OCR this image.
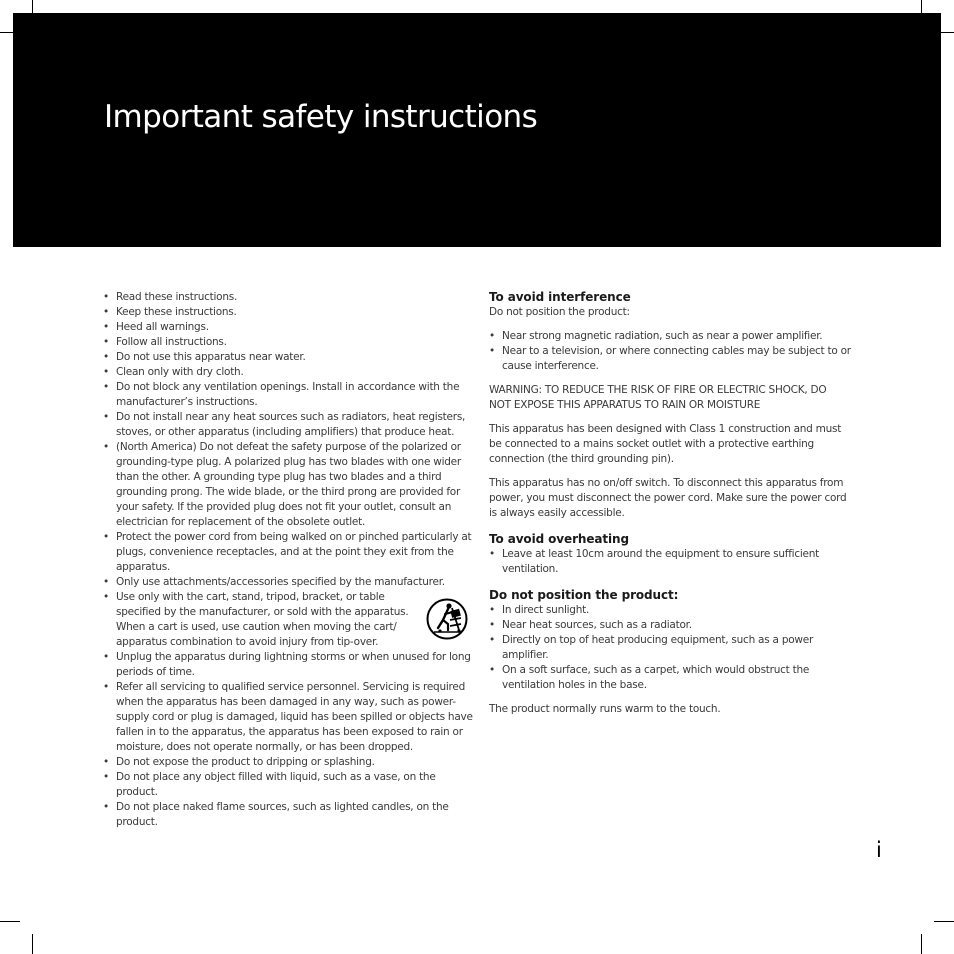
Important safety instructions
• Read these instructions.
• Keep these instructions.
• Heed all warnings.
• Follow all instructions.
• Do not use this apparatus near water.
• Clean only with dry cloth.
• Do not block any ventilation openings. Install in accordance with the manufacturer’s instructions.
• Do not install near any heat sources such as radiators, heat registers, stoves, or other apparatus (including amplifiers) that produce heat.
• (North America) Do not defeat the safety purpose of the polarized or grounding-type plug. A polarized plug has two blades with one wider than the other. A grounding type plug has two blades and a third grounding prong. The wide blade, or the third prong are provided for your safety. If the provided plug does not fit your outlet, consult an electrician for replacement of the obsolete outlet.
• Protect the power cord from being walked on or pinched particularly at plugs, convenience receptacles, and at the point they exit from the apparatus.
• Only use attachments/accessories specified by the manufacturer.
• Use only with the cart, stand, tripod, bracket, or table specified by the manufacturer, or sold with the apparatus. When a cart is used, use caution when moving the cart/ apparatus combination to avoid injury from tip-over.
• Unplug the apparatus during lightning storms or when unused for long periods of time.
• Refer all servicing to qualified service personnel. Servicing is required when the apparatus has been damaged in any way, such as power-supply cord or plug is damaged, liquid has been spilled or objects have fallen in to the apparatus, the apparatus has been exposed to rain or moisture, does not operate normally, or has been dropped.
• Do not expose the product to dripping or splashing.
• Do not place any object filled with liquid, such as a vase, on the product.
• Do not place naked flame sources, such as lighted candles, on the product.
To avoid interference

Do not position the product:

• Near strong magnetic radiation, such as near a power amplifier.
• Near to a television, or where connecting cables may be subject to or cause interference.

WARNING: TO REDUCE THE RISK OF FIRE OR ELECTRIC SHOCK, DO NOT EXPOSE THIS APPARATUS TO RAIN OR MOISTURE

This apparatus has been designed with Class 1 construction and must be connected to a mains socket outlet with a protective earthing connection (the third grounding pin).

This apparatus has no on/off switch. To disconnect this apparatus from power, you must disconnect the power cord. Make sure the power cord is always easily accessible.

To avoid overheating
• Leave at least 10cm around the equipment to ensure sufficient ventilation.
Do not position the product:
• In direct sunlight.
• Near heat sources, such as a radiator.
• Directly on top of heat producing equipment, such as a power amplifier.
• On a soft surface, such as a carpet, which would obstruct the ventilation holes in the base.

The product normally runs warm to the touch.

i
